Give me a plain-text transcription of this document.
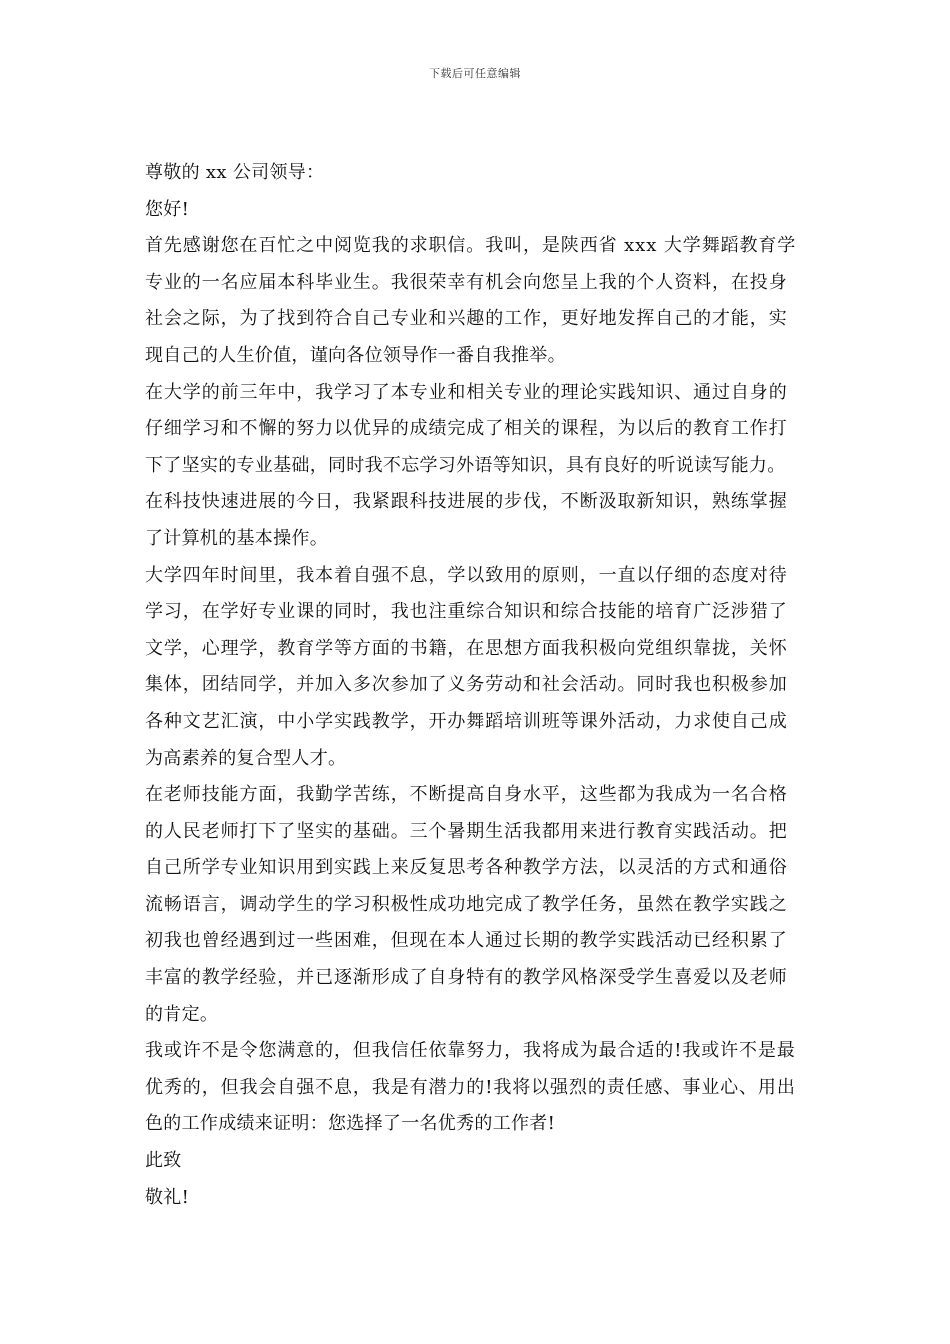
下载后可任意编辑
尊敬的 xx 公司领导：
您好!
首先感谢您在百忙之中阅览我的求职信。我叫，是陕西省 xxx 大学舞蹈教育学
专业的一名应届本科毕业生。我很荣幸有机会向您呈上我的个人资料，在投身
社会之际，为了找到符合自己专业和兴趣的工作，更好地发挥自己的才能，实
现自己的人生价值，谨向各位领导作一番自我推举。
在大学的前三年中，我学习了本专业和相关专业的理论实践知识、通过自身的
仔细学习和不懈的努力以优异的成绩完成了相关的课程，为以后的教育工作打
下了坚实的专业基础，同时我不忘学习外语等知识，具有良好的听说读写能力。
在科技快速进展的今日，我紧跟科技进展的步伐，不断汲取新知识，熟练掌握
了计算机的基本操作。
大学四年时间里，我本着自强不息，学以致用的原则，一直以仔细的态度对待
学习，在学好专业课的同时，我也注重综合知识和综合技能的培育广泛涉猎了
文学，心理学，教育学等方面的书籍，在思想方面我积极向党组织靠拢，关怀
集体，团结同学，并加入多次参加了义务劳动和社会活动。同时我也积极参加
各种文艺汇演，中小学实践教学，开办舞蹈培训班等课外活动，力求使自己成
为高素养的复合型人才。
在老师技能方面，我勤学苦练，不断提高自身水平，这些都为我成为一名合格
的人民老师打下了坚实的基础。三个暑期生活我都用来进行教育实践活动。把
自己所学专业知识用到实践上来反复思考各种教学方法，以灵活的方式和通俗
流畅语言，调动学生的学习积极性成功地完成了教学任务，虽然在教学实践之
初我也曾经遇到过一些困难，但现在本人通过长期的教学实践活动已经积累了
丰富的教学经验，并已逐渐形成了自身特有的教学风格深受学生喜爱以及老师
的肯定。
我或许不是令您满意的，但我信任依靠努力，我将成为最合适的!我或许不是最
优秀的，但我会自强不息，我是有潜力的!我将以强烈的责任感、事业心、用出
色的工作成绩来证明：您选择了一名优秀的工作者!
此致
敬礼!
